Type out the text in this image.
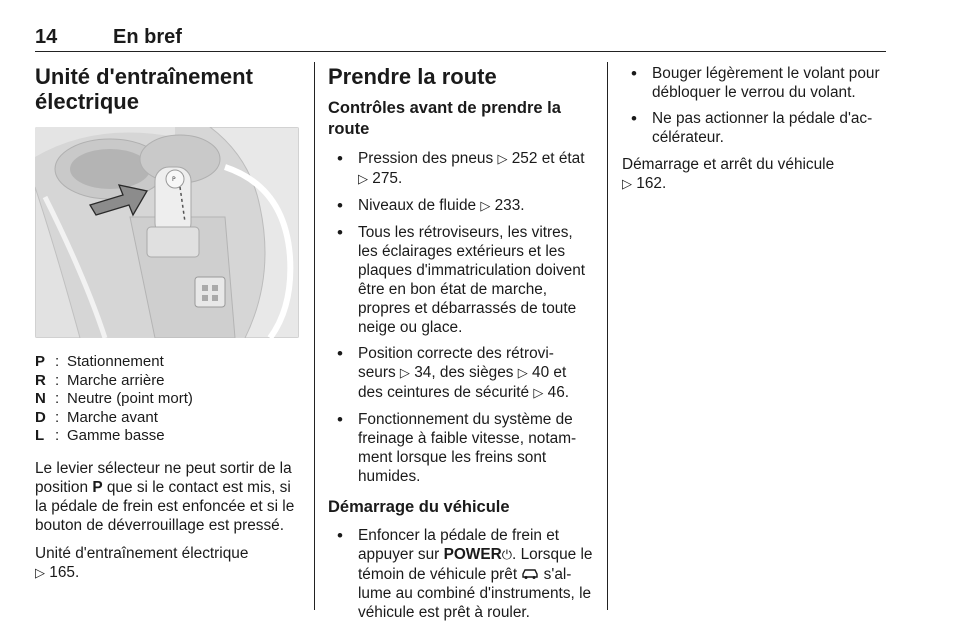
14	En bref
Unité d'entraînement électrique
P
P : Stationnement
R : Marche arrière
N : Neutre (point mort)
D : Marche avant
L : Gamme basse

Le levier sélecteur ne peut sortir de la position P que si le contact est mis, si la pédale de frein est enfoncée et si le bouton de déverrouillage est pressé.

Unité d'entraînement électrique
▷ 165.

Prendre la route
Contrôles avant de prendre la route
• Pression des pneus ▷ 252 et état ▷ 275.
• Niveaux de fluide ▷ 233.
• Tous les rétroviseurs, les vitres, les éclairages extérieurs et les plaques d'immatriculation doivent être en bon état de marche, propres et débarrassés de toute neige ou glace.
• Position correcte des rétrovi‑ seurs ▷ 34, des sièges ▷ 40 et des ceintures de sécurité ▷ 46.
• Fonctionnement du système de freinage à faible vitesse, notam‑ ment lorsque les freins sont humides.
Démarrage du véhicule
• Enfoncer la pédale de frein et appuyer sur POWER⏻. Lorsque le témoin de véhicule prêt  s'al‑ lume au combiné d'instruments, le véhicule est prêt à rouler.
• Bouger légèrement le volant pour débloquer le verrou du volant.
• Ne pas actionner la pédale d'ac‑ célérateur.

Démarrage et arrêt du véhicule
▷ 162.
